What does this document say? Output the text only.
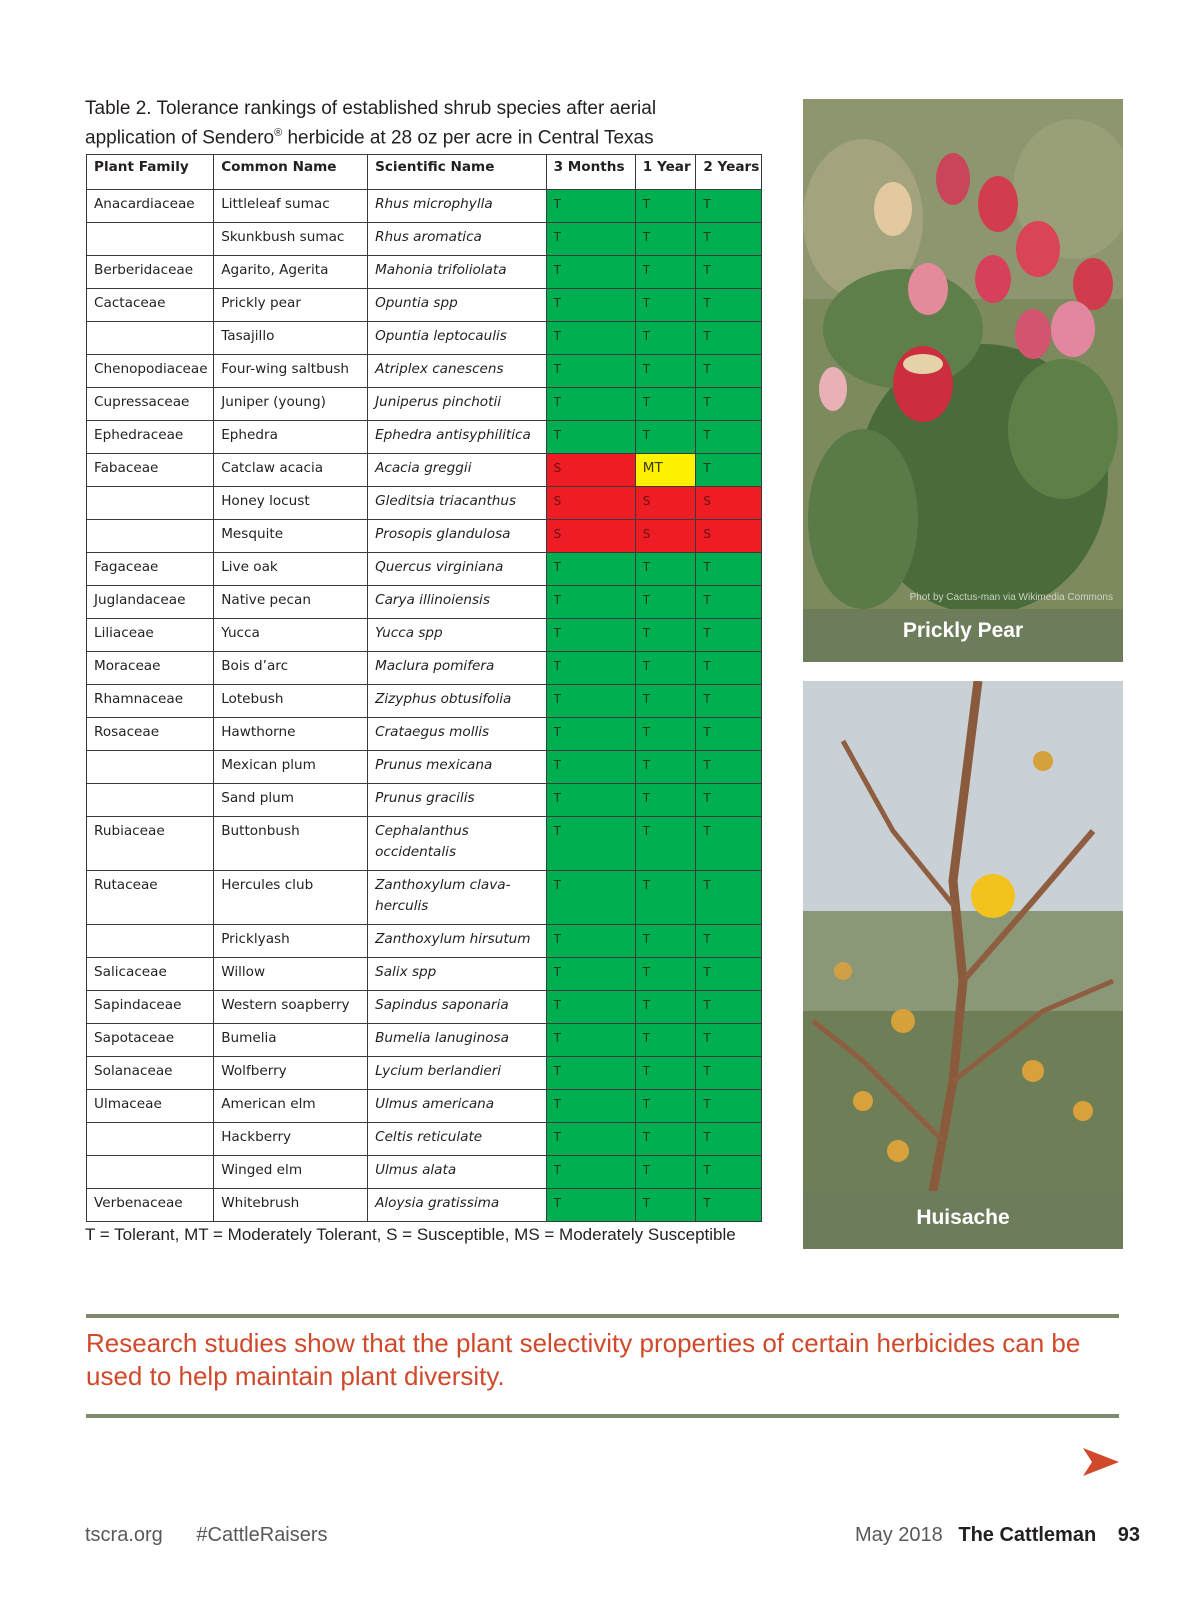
Table 2. Tolerance rankings of established shrub species after aerial
application of Sendero® herbicide at 28 oz per acre in Central Texas
Plant Family	Common Name	Scientific Name	3 Months	1 Year	2 Years
Anacardiaceae	Littleleaf sumac	Rhus microphylla	T	T	T
	Skunkbush sumac	Rhus aromatica	T	T	T
Berberidaceae	Agarito, Agerita	Mahonia trifoliolata	T	T	T
Cactaceae	Prickly pear	Opuntia spp	T	T	T
	Tasajillo	Opuntia leptocaulis	T	T	T
Chenopodiaceae	Four-wing saltbush	Atriplex canescens	T	T	T
Cupressaceae	Juniper (young)	Juniperus pinchotii	T	T	T
Ephedraceae	Ephedra	Ephedra antisyphilitica	T	T	T
Fabaceae	Catclaw acacia	Acacia greggii	S	MT	T
	Honey locust	Gleditsia triacanthus	S	S	S
	Mesquite	Prosopis glandulosa	S	S	S
Fagaceae	Live oak	Quercus virginiana	T	T	T
Juglandaceae	Native pecan	Carya illinoiensis	T	T	T
Liliaceae	Yucca	Yucca spp	T	T	T
Moraceae	Bois d’arc	Maclura pomifera	T	T	T
Rhamnaceae	Lotebush	Zizyphus obtusifolia	T	T	T
Rosaceae	Hawthorne	Crataegus mollis	T	T	T
	Mexican plum	Prunus mexicana	T	T	T
	Sand plum	Prunus gracilis	T	T	T
Rubiaceae	Buttonbush	Cephalanthus occidentalis	T	T	T
Rutaceae	Hercules club	Zanthoxylum clava-herculis	T	T	T
	Pricklyash	Zanthoxylum hirsutum	T	T	T
Salicaceae	Willow	Salix spp	T	T	T
Sapindaceae	Western soapberry	Sapindus saponaria	T	T	T
Sapotaceae	Bumelia	Bumelia lanuginosa	T	T	T
Solanaceae	Wolfberry	Lycium berlandieri	T	T	T
Ulmaceae	American elm	Ulmus americana	T	T	T
	Hackberry	Celtis reticulate	T	T	T
	Winged elm	Ulmus alata	T	T	T
Verbenaceae	Whitebrush	Aloysia gratissima	T	T	T
T = Tolerant, MT = Moderately Tolerant, S = Susceptible, MS = Moderately Susceptible
Phot by Cactus-man via Wikimedia Commons
Prickly Pear
Huisache
Research studies show that the plant selectivity properties of certain herbicides can be used to help maintain plant diversity.
tscra.org #CattleRaisers	May 2018 The Cattleman 93
